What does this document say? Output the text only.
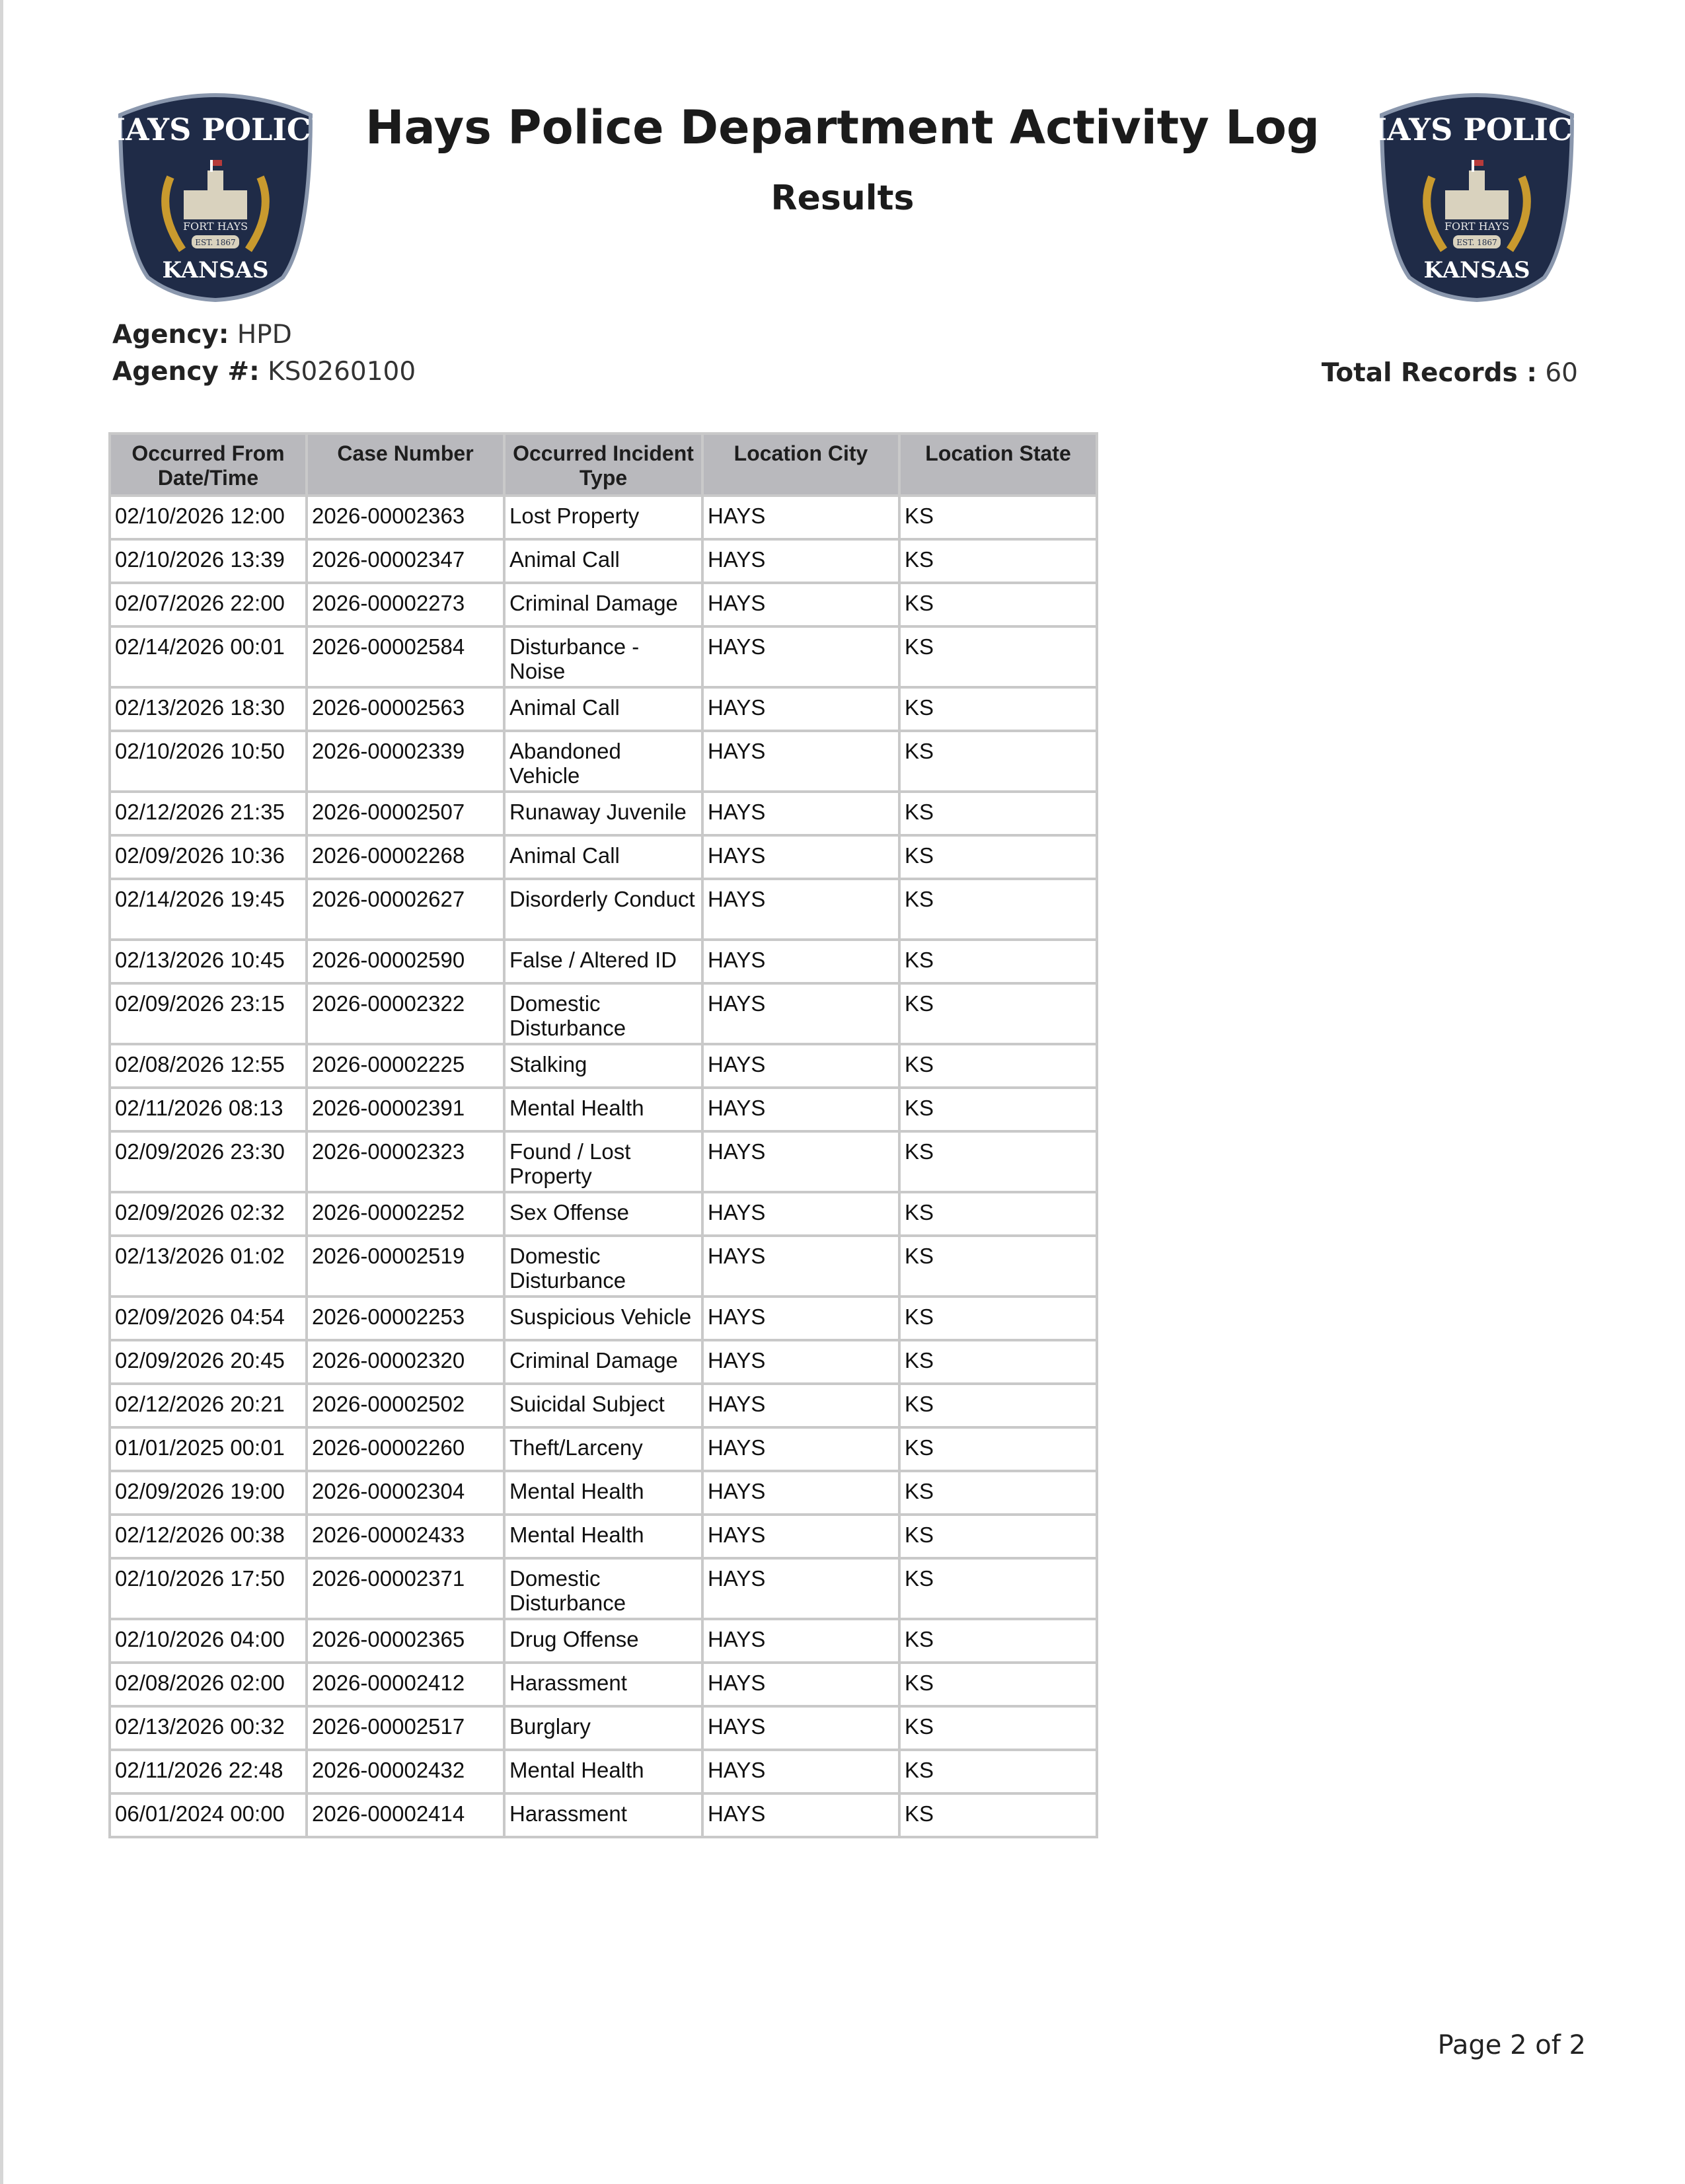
HAYS POLICE
FORT HAYS
EST. 1867
KANSAS
HAYS POLICE
FORT HAYS
EST. 1867
KANSAS
Hays Police Department Activity Log
Results
Agency: HPD
Agency #: KS0260100	Total Records : 60
Occurred From Date/Time	Case Number	Occurred Incident Type	Location City	Location State
02/10/2026 12:00	2026-00002363	Lost Property	HAYS	KS
02/10/2026 13:39	2026-00002347	Animal Call	HAYS	KS
02/07/2026 22:00	2026-00002273	Criminal Damage	HAYS	KS
02/14/2026 00:01	2026-00002584	Disturbance - Noise	HAYS	KS
02/13/2026 18:30	2026-00002563	Animal Call	HAYS	KS
02/10/2026 10:50	2026-00002339	Abandoned Vehicle	HAYS	KS
02/12/2026 21:35	2026-00002507	Runaway Juvenile	HAYS	KS
02/09/2026 10:36	2026-00002268	Animal Call	HAYS	KS
02/14/2026 19:45	2026-00002627	Disorderly Conduct	HAYS	KS
02/13/2026 10:45	2026-00002590	False / Altered ID	HAYS	KS
02/09/2026 23:15	2026-00002322	Domestic Disturbance	HAYS	KS
02/08/2026 12:55	2026-00002225	Stalking	HAYS	KS
02/11/2026 08:13	2026-00002391	Mental Health	HAYS	KS
02/09/2026 23:30	2026-00002323	Found / Lost Property	HAYS	KS
02/09/2026 02:32	2026-00002252	Sex Offense	HAYS	KS
02/13/2026 01:02	2026-00002519	Domestic Disturbance	HAYS	KS
02/09/2026 04:54	2026-00002253	Suspicious Vehicle	HAYS	KS
02/09/2026 20:45	2026-00002320	Criminal Damage	HAYS	KS
02/12/2026 20:21	2026-00002502	Suicidal Subject	HAYS	KS
01/01/2025 00:01	2026-00002260	Theft/Larceny	HAYS	KS
02/09/2026 19:00	2026-00002304	Mental Health	HAYS	KS
02/12/2026 00:38	2026-00002433	Mental Health	HAYS	KS
02/10/2026 17:50	2026-00002371	Domestic Disturbance	HAYS	KS
02/10/2026 04:00	2026-00002365	Drug Offense	HAYS	KS
02/08/2026 02:00	2026-00002412	Harassment	HAYS	KS
02/13/2026 00:32	2026-00002517	Burglary	HAYS	KS
02/11/2026 22:48	2026-00002432	Mental Health	HAYS	KS
06/01/2024 00:00	2026-00002414	Harassment	HAYS	KS
Page 2 of 2
